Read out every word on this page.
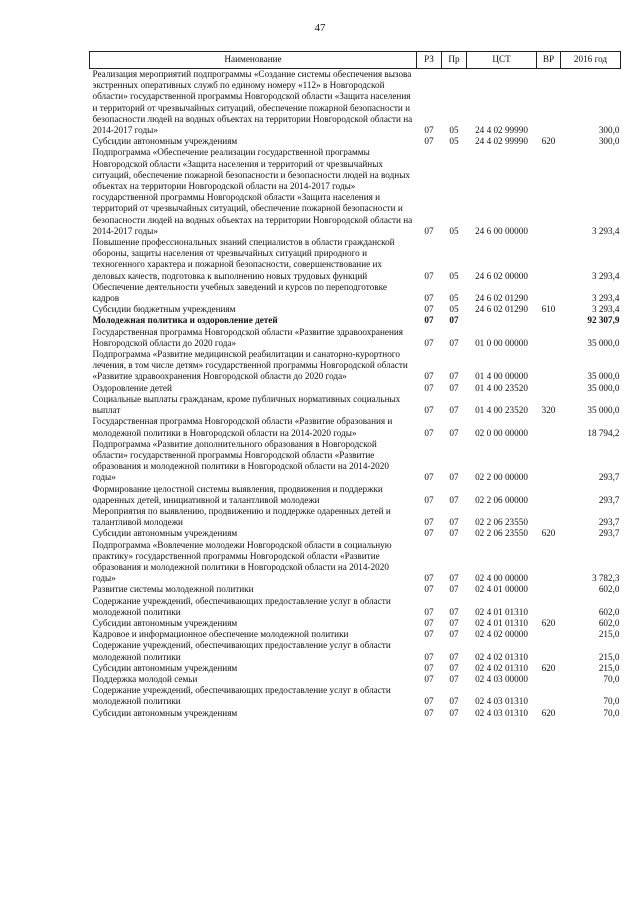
47
Наименование	РЗ	Пр	ЦСТ	ВР	2016 год
Реализация мероприятий подпрограммы «Создание системы обеспечения вызова экстренных оперативных служб по единому номеру «112» в Новгородской области» государственной программы Новгородской области «Защита населения и территорий от чрезвычайных ситуаций, обеспечение пожарной безопасности и безопасности людей на водных объектах на территории Новгородской области на 2014-2017 годы»	07	05	24 4 02 99990		300,0
Субсидии автономным учреждениям	07	05	24 4 02 99990	620	300,0
Подпрограмма «Обеспечение реализации государственной программы Новгородской области «Защита населения и территорий от чрезвычайных ситуаций, обеспечение пожарной безопасности и безопасности людей на водных объектах на территории Новгородской области на 2014-2017 годы» государственной программы Новгородской области «Защита населения и территорий от чрезвычайных ситуаций, обеспечение пожарной безопасности и безопасности людей на водных объектах на территории Новгородской области на 2014-2017 годы»	07	05	24 6 00 00000		3 293,4
Повышение профессиональных знаний специалистов в области гражданской обороны, защиты населения от чрезвычайных ситуаций природного и техногенного характера и пожарной безопасности, совершенствование их деловых качеств, подготовка к выполнению новых трудовых функций	07	05	24 6 02 00000		3 293,4
Обеспечение деятельности учебных заведений и курсов по переподготовке кадров	07	05	24 6 02 01290		3 293,4
Субсидии бюджетным учреждениям	07	05	24 6 02 01290	610	3 293,4
Молодежная политика и оздоровление детей	07	07			92 307,9
Государственная программа Новгородской области «Развитие здравоохранения Новгородской области до 2020 года»	07	07	01 0 00 00000		35 000,0
Подпрограмма «Развитие медицинской реабилитации и санаторно-курортного лечения, в том числе детям» государственной программы Новгородской области «Развитие здравоохранения Новгородской области до 2020 года»	07	07	01 4 00 00000		35 000,0
Оздоровление детей	07	07	01 4 00 23520		35 000,0
Социальные выплаты гражданам, кроме публичных нормативных социальных выплат	07	07	01 4 00 23520	320	35 000,0
Государственная программа Новгородской области «Развитие образования и молодежной политики в Новгородской области на 2014-2020 годы»	07	07	02 0 00 00000		18 794,2
Подпрограмма «Развитие дополнительного образования в Новгородской области» государственной программы Новгородской области «Развитие образования и молодежной политики в Новгородской области на 2014-2020 годы»	07	07	02 2 00 00000		293,7
Формирование целостной системы выявления, продвижения и поддержки одаренных детей, инициативной и талантливой молодежи	07	07	02 2 06 00000		293,7
Мероприятия по выявлению, продвижению и поддержке одаренных детей и талантливой молодежи	07	07	02 2 06 23550		293,7
Субсидии автономным учреждениям	07	07	02 2 06 23550	620	293,7
Подпрограмма «Вовлечение молодежи Новгородской области в социальную практику» государственной программы Новгородской области «Развитие образования и молодежной политики в Новгородской области на 2014-2020 годы»	07	07	02 4 00 00000		3 782,3
Развитие системы молодежной политики	07	07	02 4 01 00000		602,0
Содержание учреждений, обеспечивающих предоставление услуг в области молодежной политики	07	07	02 4 01 01310		602,0
Субсидии автономным учреждениям	07	07	02 4 01 01310	620	602,0
Кадровое и информационное обеспечение молодежной политики	07	07	02 4 02 00000		215,0
Содержание учреждений, обеспечивающих предоставление услуг в области молодежной политики	07	07	02 4 02 01310		215,0
Субсидии автономным учреждениям	07	07	02 4 02 01310	620	215,0
Поддержка молодой семьи	07	07	02 4 03 00000		70,0
Содержание учреждений, обеспечивающих предоставление услуг в области молодежной политики	07	07	02 4 03 01310		70,0
Субсидии автономным учреждениям	07	07	02 4 03 01310	620	70,0
